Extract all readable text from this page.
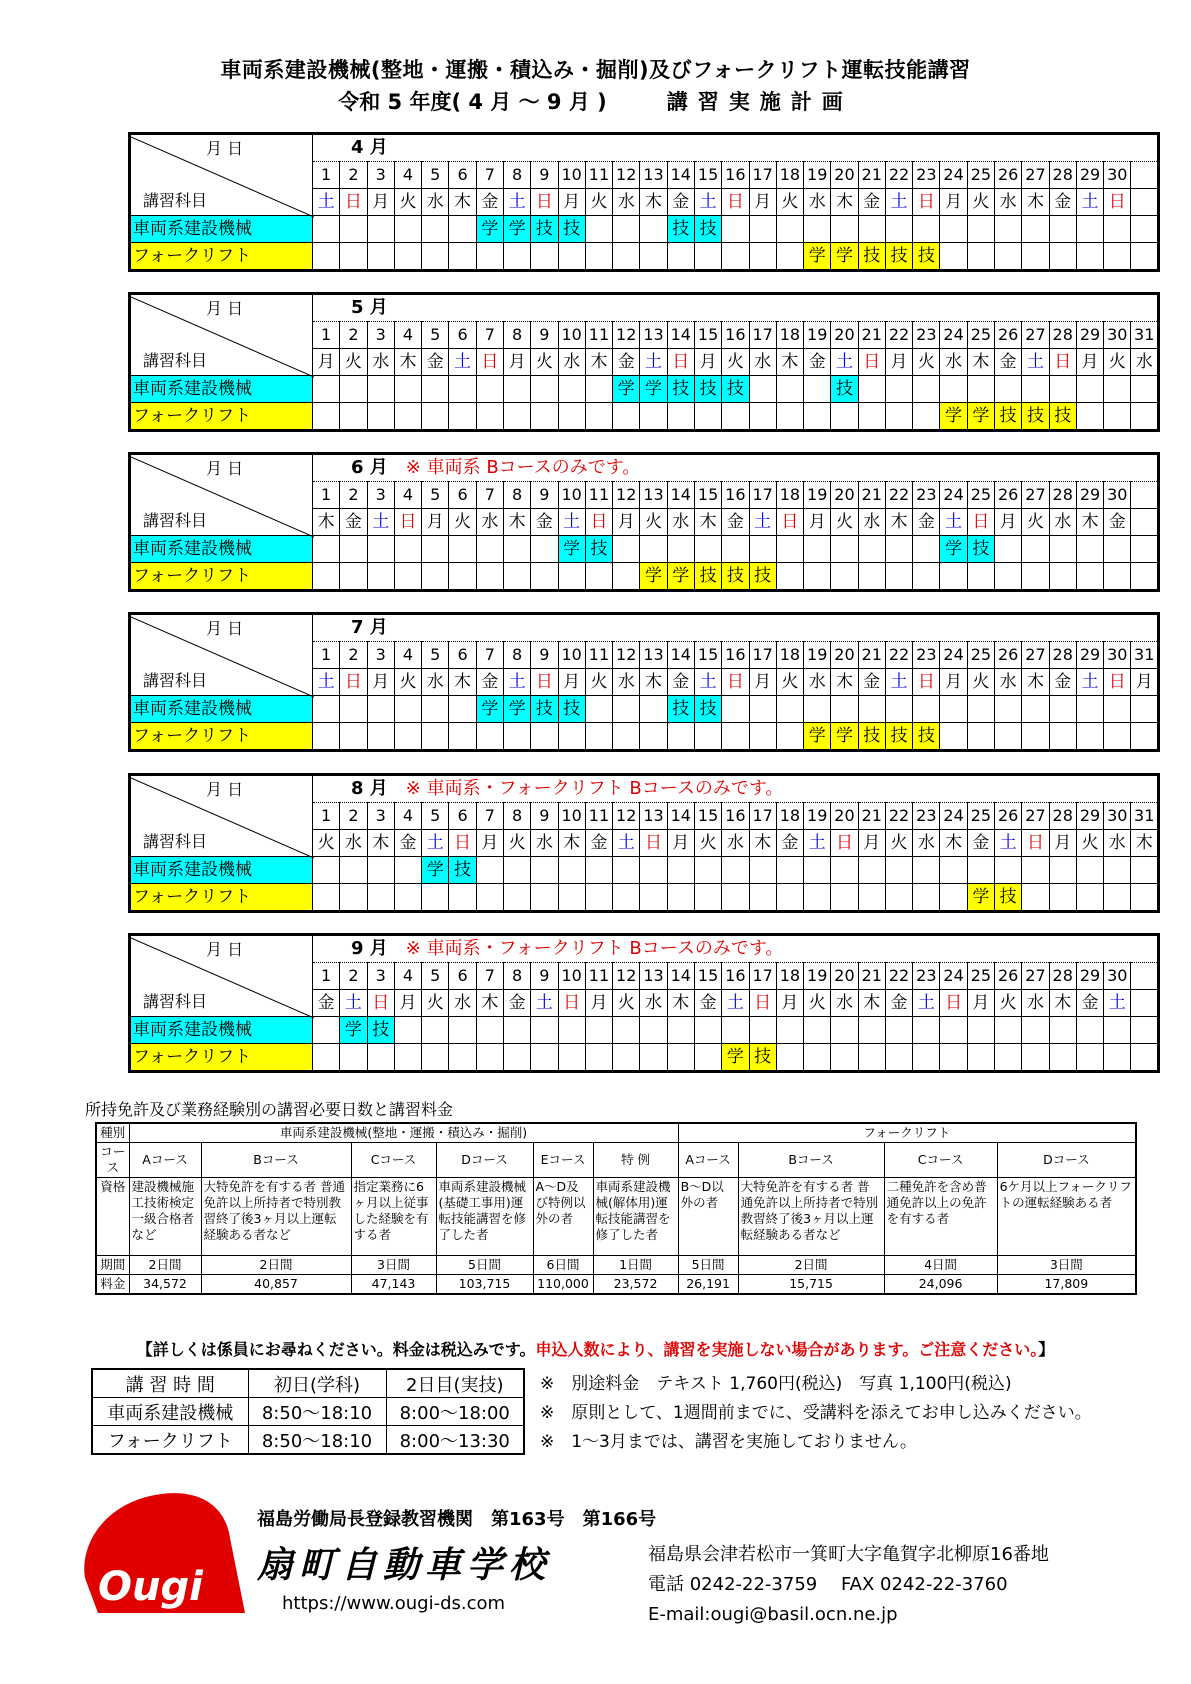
車両系建設機械(整地・運搬・積込み・掘削)及びフォークリフト運転技能講習
令和 5 年度( 4 月 ～ 9 月 )	講習実施計画
月 日
講習科目	4 月																														
	1	2	3	4	5	6	7	8	9	10	11	12	13	14	15	16	17	18	19	20	21	22	23	24	25	26	27	28	29	30	
	土	日	月	火	水	木	金	土	日	月	火	水	木	金	土	日	月	火	水	木	金	土	日	月	火	水	木	金	土	日	
車両系建設機械							学	学	技	技				技	技																
フォークリフト																			学	学	技	技	技								
月 日
講習科目	5 月																														
	1	2	3	4	5	6	7	8	9	10	11	12	13	14	15	16	17	18	19	20	21	22	23	24	25	26	27	28	29	30	31
	月	火	水	木	金	土	日	月	火	水	木	金	土	日	月	火	水	木	金	土	日	月	火	水	木	金	土	日	月	火	水
車両系建設機械												学	学	技	技	技				技											
フォークリフト																								学	学	技	技	技			
月 日
講習科目	6 月 ※ 車両系 Bコースのみです。																														
	1	2	3	4	5	6	7	8	9	10	11	12	13	14	15	16	17	18	19	20	21	22	23	24	25	26	27	28	29	30	
	木	金	土	日	月	火	水	木	金	土	日	月	火	水	木	金	土	日	月	火	水	木	金	土	日	月	火	水	木	金	
車両系建設機械										学	技													学	技						
フォークリフト													学	学	技	技	技														
月 日
講習科目	7 月																														
	1	2	3	4	5	6	7	8	9	10	11	12	13	14	15	16	17	18	19	20	21	22	23	24	25	26	27	28	29	30	31
	土	日	月	火	水	木	金	土	日	月	火	水	木	金	土	日	月	火	水	木	金	土	日	月	火	水	木	金	土	日	月
車両系建設機械							学	学	技	技				技	技																
フォークリフト																			学	学	技	技	技								
月 日
講習科目	8 月 ※ 車両系・フォークリフト Bコースのみです。																														
	1	2	3	4	5	6	7	8	9	10	11	12	13	14	15	16	17	18	19	20	21	22	23	24	25	26	27	28	29	30	31
	火	水	木	金	土	日	月	火	水	木	金	土	日	月	火	水	木	金	土	日	月	火	水	木	金	土	日	月	火	水	木
車両系建設機械					学	技																									
フォークリフト																									学	技					
月 日
講習科目	9 月 ※ 車両系・フォークリフト Bコースのみです。																														
	1	2	3	4	5	6	7	8	9	10	11	12	13	14	15	16	17	18	19	20	21	22	23	24	25	26	27	28	29	30	
	金	土	日	月	火	水	木	金	土	日	月	火	水	木	金	土	日	月	火	水	木	金	土	日	月	火	水	木	金	土	
車両系建設機械		学	技																												
フォークリフト																学	技														
所持免許及び業務経験別の講習必要日数と講習料金
種別	車両系建設機械(整地・運搬・積込み・掘削)						フォークリフト			
コース	Aコース	Bコース	Cコース	Dコース	Eコース	特 例	Aコース	Bコース	Cコース	Dコース
資格	建設機械施工技術検定一級合格者など	大特免許を有する者 普通免許以上所持者で特別教習終了後3ヶ月以上運転経験ある者など	指定業務に6ヶ月以上従事した経験を有する者	車両系建設機械(基礎工事用)運転技能講習を修了した者	A～D及び特例以外の者	車両系建設機械(解体用)運転技能講習を修了した者	B～D以外の者	大特免許を有する者 普通免許以上所持者で特別教習終了後3ヶ月以上運転経験ある者など	二種免許を含め普通免許以上の免許を有する者	6ケ月以上フォークリフトの運転経験ある者
期間	2日間	2日間	3日間	5日間	6日間	1日間	5日間	2日間	4日間	3日間
料金	34,572	40,857	47,143	103,715	110,000	23,572	26,191	15,715	24,096	17,809
【詳しくは係員にお尋ねください。料金は税込みです。申込人数により、講習を実施しない場合があります。ご注意ください。】
講 習 時 間	初日(学科)	2日目(実技)
車両系建設機械	8:50～18:10	8:00～18:00
フォークリフト	8:50～18:10	8:00～13:30
※　別途料金　テキスト 1,760円(税込)　写真 1,100円(税込)
※　原則として、1週間前までに、受講料を添えてお申し込みください。
※　1～3月までは、講習を実施しておりません。
Ougi
福島労働局長登録教習機関　第163号　第166号
扇町自動車学校
https://www.ougi-ds.com
福島県会津若松市一箕町大字亀賀字北柳原16番地
電話 0242-22-3759　 FAX 0242-22-3760
E-mail:ougi@basil.ocn.ne.jp
